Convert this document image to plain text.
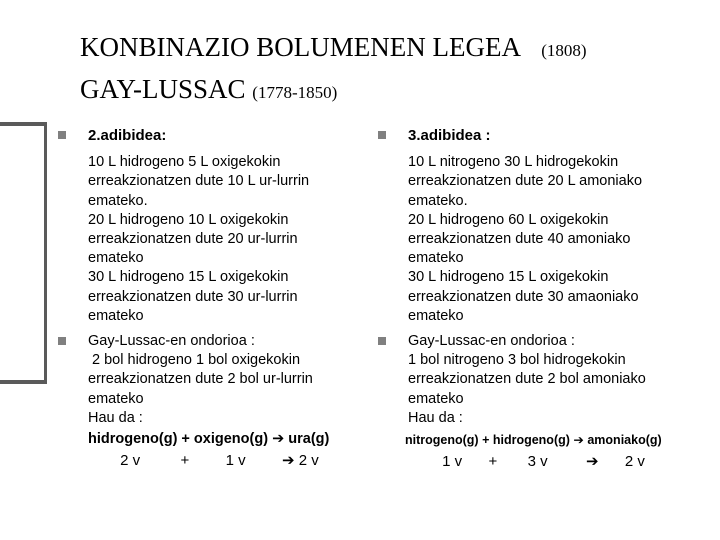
KONBINAZIO BOLUMENEN LEGEA (1808)
GAY-LUSSAC (1778-1850)
2.adibidea:
10 L hidrogeno 5 L oxigekokin
erreakzionatzen dute 10 L ur-lurrin
emateko.
20 L hidrogeno 10 L oxigekokin
erreakzionatzen dute 20 ur-lurrin
emateko
30 L hidrogeno 15 L oxigekokin
erreakzionatzen dute 30 ur-lurrin
emateko
Gay-Lussac-en ondorioa :
2 bol hidrogeno 1 bol oxigekokin
erreakzionatzen dute 2 bol ur-lurrin
emateko
Hau da :
hidrogeno(g) + oxigeno(g) ➔ ura(g)
2 v	+ 1 v ➔ 2 v
3.adibidea :
10 L nitrogeno 30 L hidrogekokin
erreakzionatzen dute 20 L amoniako
emateko.
20 L hidrogeno 60 L oxigekokin
erreakzionatzen dute 40 amoniako
emateko
30 L hidrogeno 15 L oxigekokin
erreakzionatzen dute 30 amaoniako
emateko
Gay-Lussac-en ondorioa :
1 bol nitrogeno 3 bol hidrogekokin
erreakzionatzen dute 2 bol amoniako
emateko
Hau da :
nitrogeno(g) + hidrogeno(g) ➔ amoniako(g)
1 v + 3 v	➔ 2 v
